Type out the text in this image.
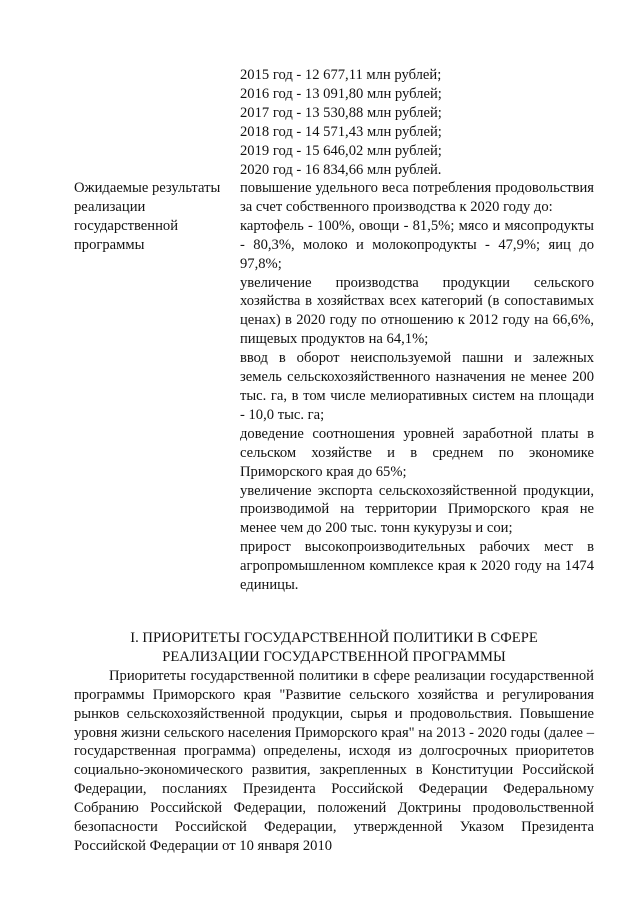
2015 год - 12 677,11 млн рублей;
2016 год - 13 091,80 млн рублей;
2017 год - 13 530,88 млн рублей;
2018 год - 14 571,43 млн рублей;
2019 год - 15 646,02 млн рублей;
2020 год - 16 834,66 млн рублей.
Ожидаемые результаты реализации государственной программы

повышение удельного веса потребления продовольствия за счет собственного производства к 2020 году до:

картофель - 100%, овощи - 81,5%; мясо и мясопродукты - 80,3%, молоко и молокопродукты - 47,9%; яиц до 97,8%;

увеличение производства продукции сельского хозяйства в хозяйствах всех категорий (в сопоставимых ценах) в 2020 году по отношению к 2012 году на 66,6%, пищевых продуктов на 64,1%;

ввод в оборот неиспользуемой пашни и залежных земель сельскохозяйственного назначения не менее 200 тыс. га, в том числе мелиоративных систем на площади - 10,0 тыс. га;

доведение соотношения уровней заработной платы в сельском хозяйстве и в среднем по экономике Приморского края до 65%;

увеличение экспорта сельскохозяйственной продукции, производимой на территории Приморского края не менее чем до 200 тыс. тонн кукурузы и сои;

прирост высокопроизводительных рабочих мест в агропромышленном комплексе края к 2020 году на 1474 единицы.

I. ПРИОРИТЕТЫ ГОСУДАРСТВЕННОЙ ПОЛИТИКИ В СФЕРЕ
РЕАЛИЗАЦИИ ГОСУДАРСТВЕННОЙ ПРОГРАММЫ

Приоритеты государственной политики в сфере реализации государственной программы Приморского края "Развитие сельского хозяйства и регулирования рынков сельскохозяйственной продукции, сырья и продовольствия. Повышение уровня жизни сельского населения Приморского края" на 2013 - 2020 годы (далее – государственная программа) определены, исходя из долгосрочных приоритетов социально-экономического развития, закрепленных в Конституции Российской Федерации, посланиях Президента Российской Федерации Федеральному Собранию Российской Федерации, положений Доктрины продовольственной безопасности Российской Федерации, утвержденной Указом Президента Российской Федерации от 10 января 2010
